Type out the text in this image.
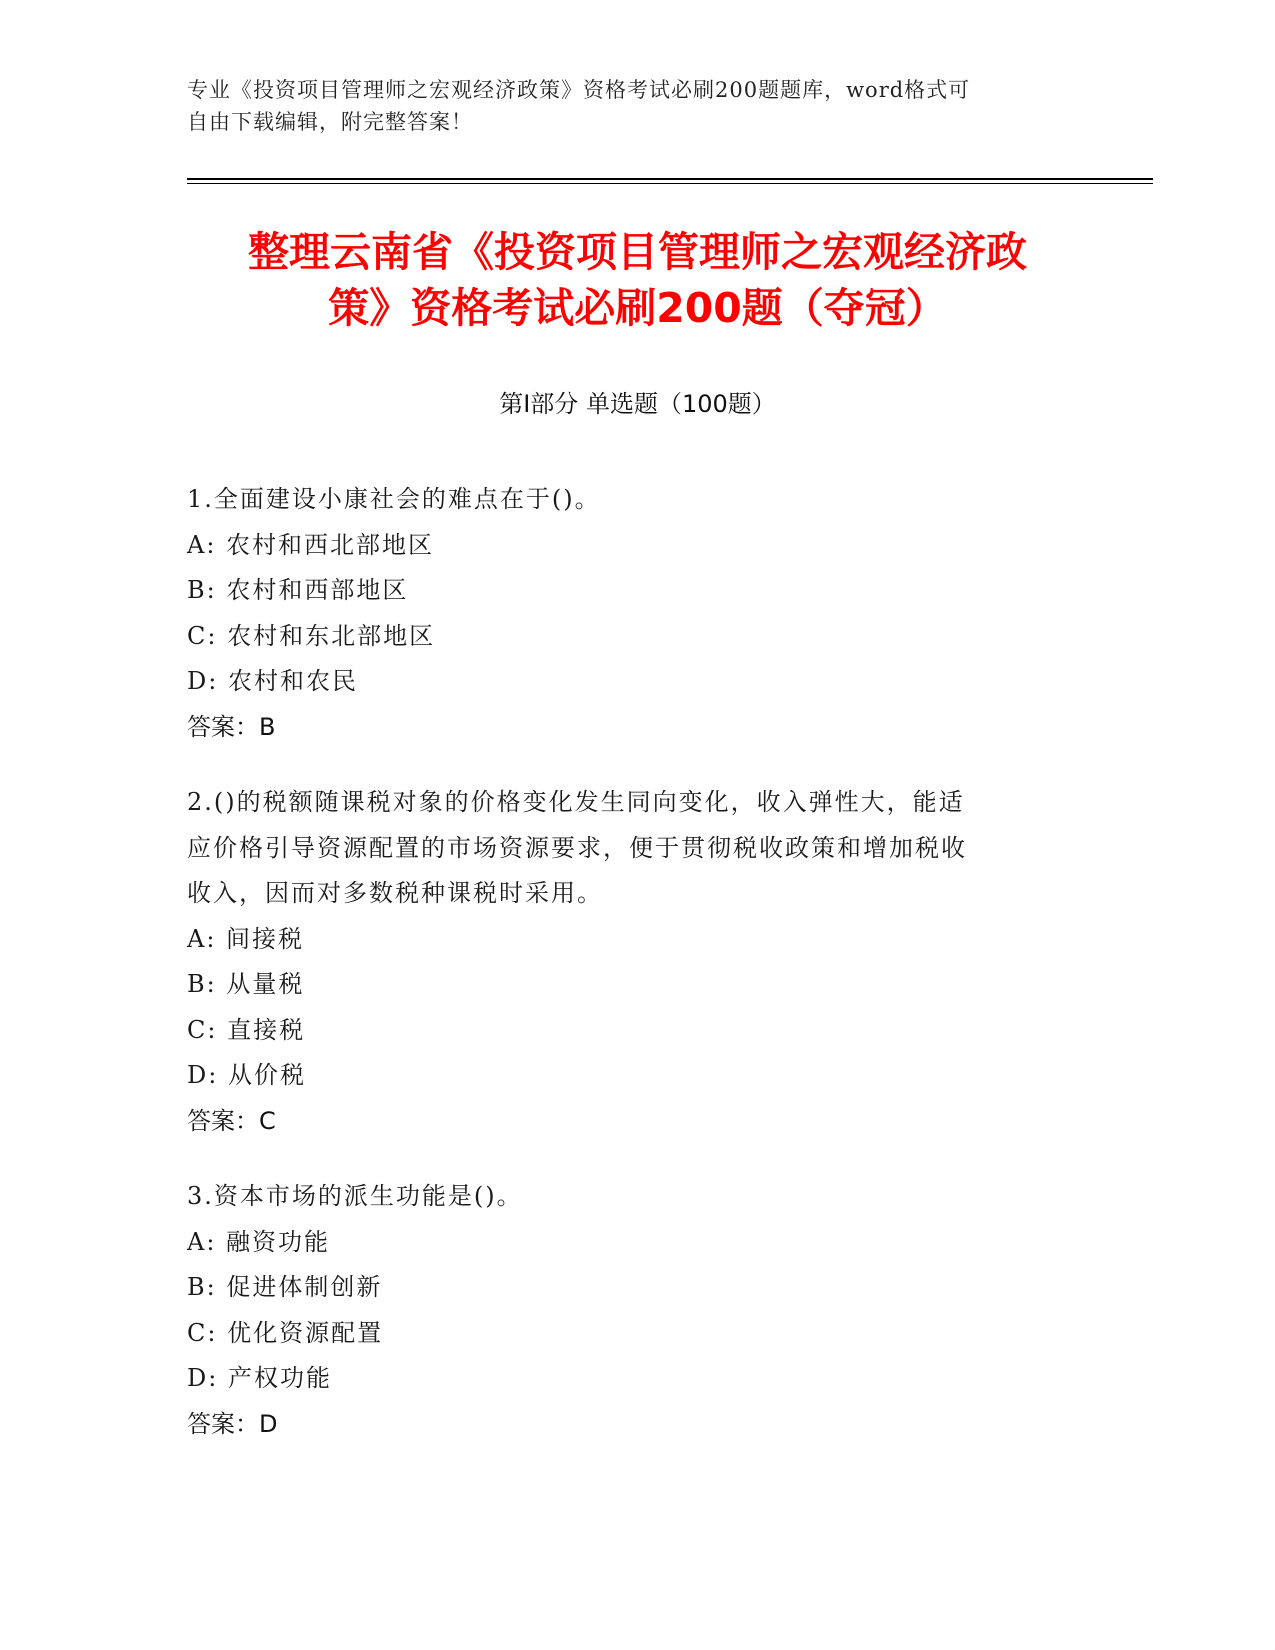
专业《投资项目管理师之宏观经济政策》资格考试必刷200题题库，word格式可
自由下载编辑，附完整答案！
整理云南省《投资项目管理师之宏观经济政
策》资格考试必刷200题（夺冠）
第Ⅰ部分 单选题（100题）
1.全面建设小康社会的难点在于()。
A: 农村和西北部地区
B: 农村和西部地区
C: 农村和东北部地区
D: 农村和农民
答案：B
2.()的税额随课税对象的价格变化发生同向变化，收入弹性大，能适
应价格引导资源配置的市场资源要求，便于贯彻税收政策和增加税收
收入，因而对多数税种课税时采用。
A: 间接税
B: 从量税
C: 直接税
D: 从价税
答案：C
3.资本市场的派生功能是()。
A: 融资功能
B: 促进体制创新
C: 优化资源配置
D: 产权功能
答案：D
